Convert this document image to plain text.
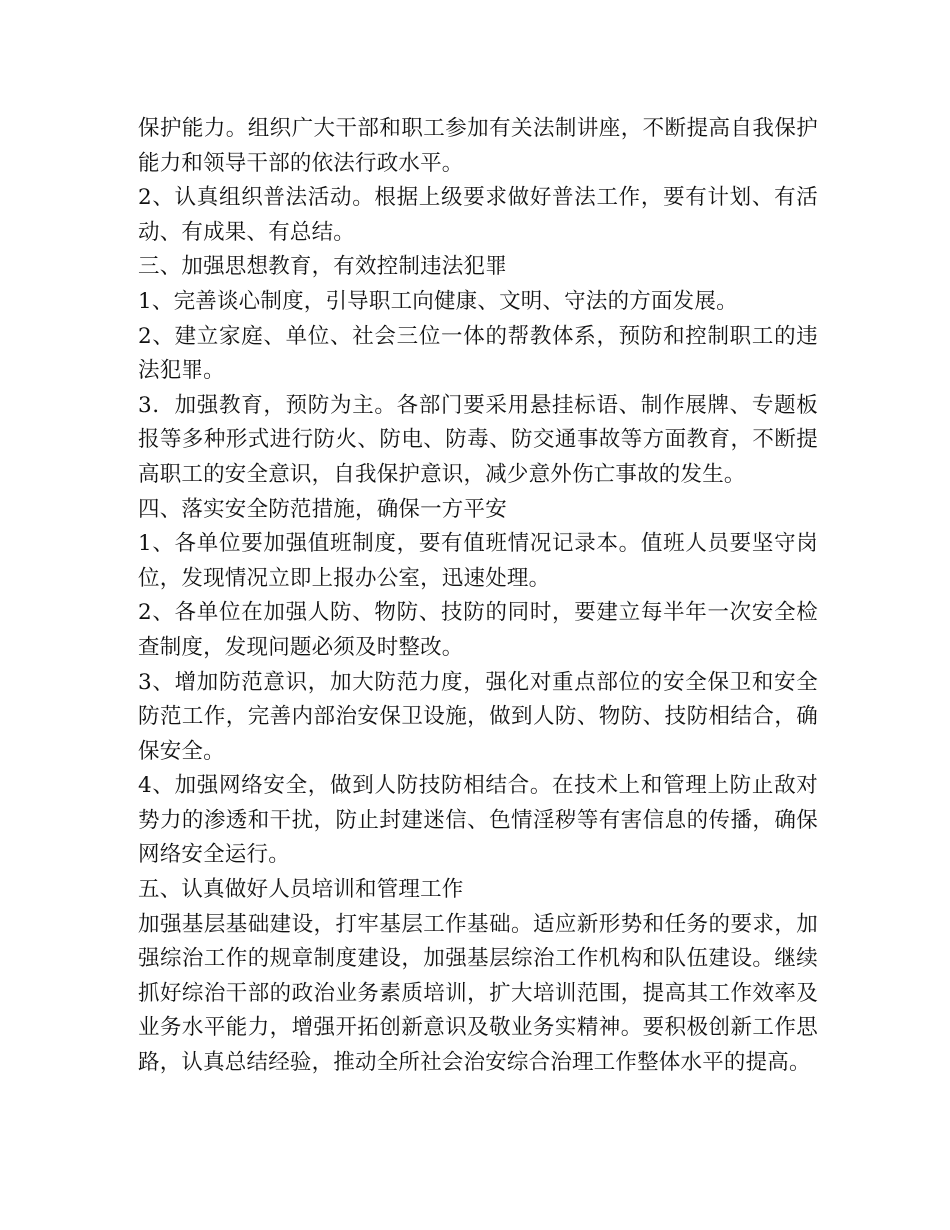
保护能力。组织广大干部和职工参加有关法制讲座，不断提高自我保护能力和领导干部的依法行政水平。

2、认真组织普法活动。根据上级要求做好普法工作，要有计划、有活动、有成果、有总结。

三、加强思想教育，有效控制违法犯罪

1、完善谈心制度，引导职工向健康、文明、守法的方面发展。

2、建立家庭、单位、社会三位一体的帮教体系，预防和控制职工的违法犯罪。

3．加强教育，预防为主。各部门要采用悬挂标语、制作展牌、专题板报等多种形式进行防火、防电、防毒、防交通事故等方面教育，不断提高职工的安全意识，自我保护意识，减少意外伤亡事故的发生。

四、落实安全防范措施，确保一方平安

1、各单位要加强值班制度，要有值班情况记录本。值班人员要坚守岗位，发现情况立即上报办公室，迅速处理。

2、各单位在加强人防、物防、技防的同时，要建立每半年一次安全检查制度，发现问题必须及时整改。

3、增加防范意识，加大防范力度，强化对重点部位的安全保卫和安全防范工作，完善内部治安保卫设施，做到人防、物防、技防相结合，确保安全。

4、加强网络安全，做到人防技防相结合。在技术上和管理上防止敌对势力的渗透和干扰，防止封建迷信、色情淫秽等有害信息的传播，确保网络安全运行。

五、认真做好人员培训和管理工作

加强基层基础建设，打牢基层工作基础。适应新形势和任务的要求，加强综治工作的规章制度建设，加强基层综治工作机构和队伍建设。继续抓好综治干部的政治业务素质培训，扩大培训范围，提高其工作效率及业务水平能力，增强开拓创新意识及敬业务实精神。要积极创新工作思路，认真总结经验，推动全所社会治安综合治理工作整体水平的提高。
